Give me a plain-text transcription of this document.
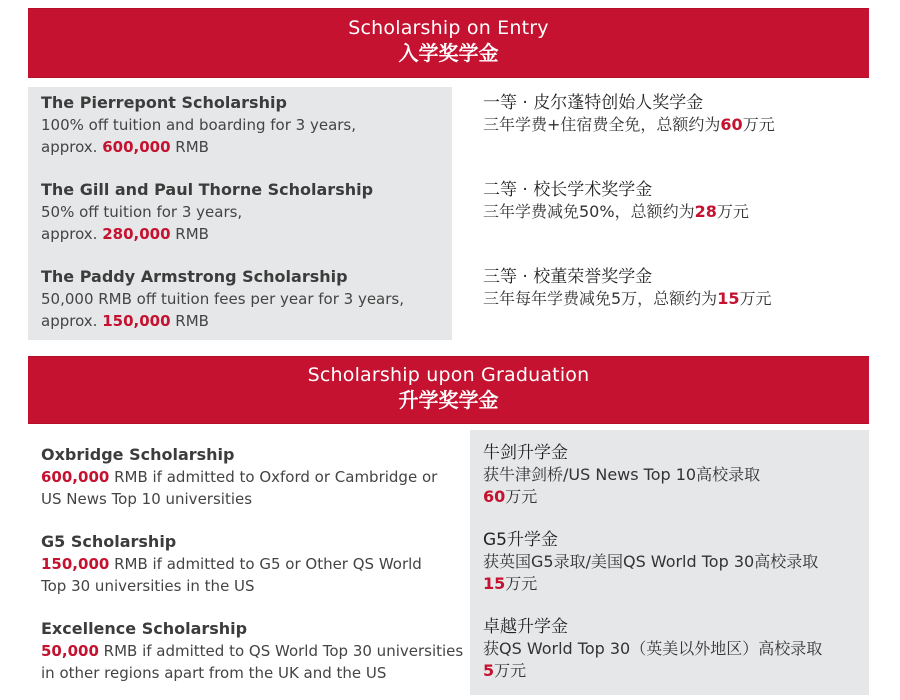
Scholarship on Entry
入学奖学金
The Pierrepont Scholarship
100% off tuition and boarding for 3 years,
approx. 600,000 RMB
The Gill and Paul Thorne Scholarship
50% off tuition for 3 years,
approx. 280,000 RMB
The Paddy Armstrong Scholarship
50,000 RMB off tuition fees per year for 3 years,
approx. 150,000 RMB
一等 · 皮尔蓬特创始人奖学金
三年学费+住宿费全免，总额约为60万元
二等 · 校长学术奖学金
三年学费减免50%，总额约为28万元
三等 · 校董荣誉奖学金
三年每年学费减免5万，总额约为15万元
Scholarship upon Graduation
升学奖学金
Oxbridge Scholarship
600,000 RMB if admitted to Oxford or Cambridge or
US News Top 10 universities
G5 Scholarship
150,000 RMB if admitted to G5 or Other QS World
Top 30 universities in the US
Excellence Scholarship
50,000 RMB if admitted to QS World Top 30 universities
in other regions apart from the UK and the US
牛剑升学金
获牛津剑桥/US News Top 10高校录取
60万元
G5升学金
获英国G5录取/美国QS World Top 30高校录取
15万元
卓越升学金
获QS World Top 30（英美以外地区）高校录取
5万元
